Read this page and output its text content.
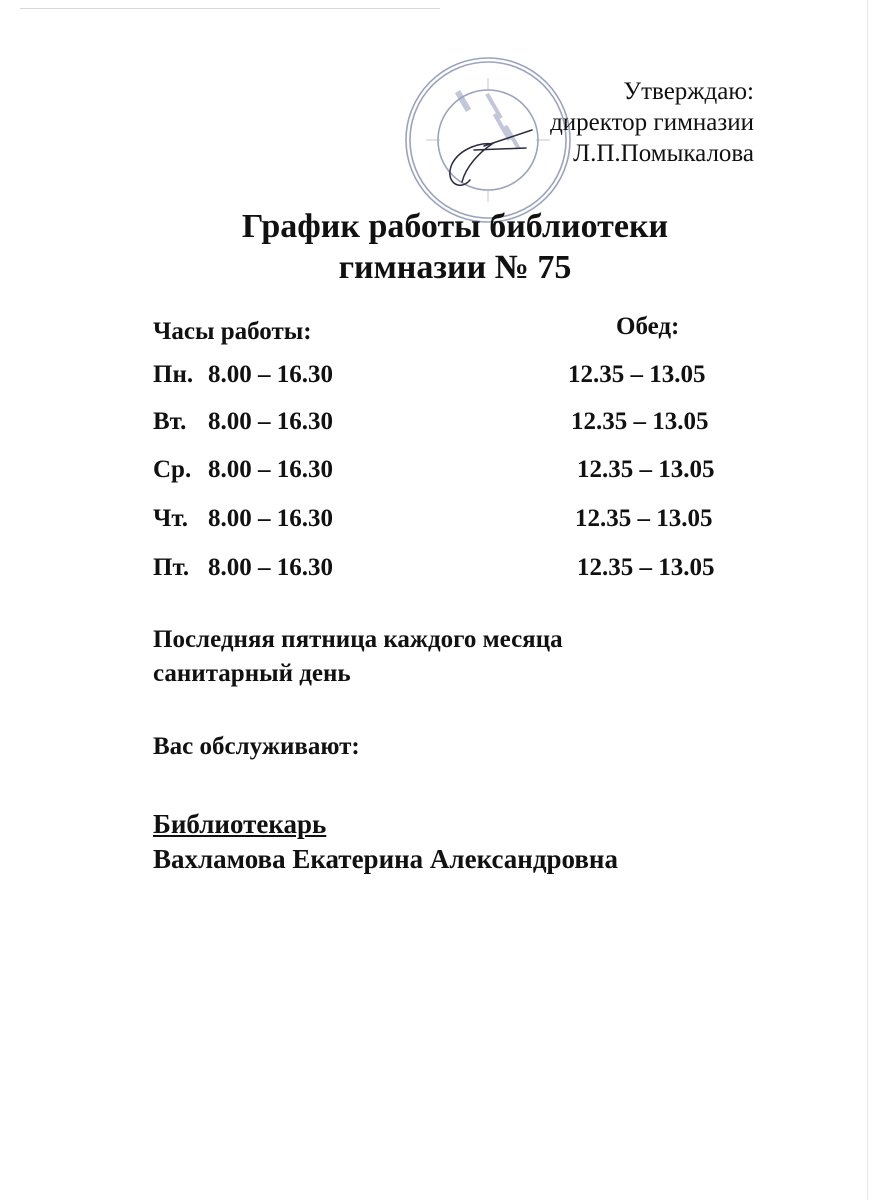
Утверждаю:
директор гимназии
Л.П.Помыкалова
График работы библиотеки
гимназии № 75
Часы работы:	Обед:
Пн. 8.00 – 16.30	12.35 – 13.05
Вт. 8.00 – 16.30	12.35 – 13.05
Ср. 8.00 – 16.30	12.35 – 13.05
Чт. 8.00 – 16.30	12.35 – 13.05
Пт. 8.00 – 16.30	12.35 – 13.05
Последняя пятница каждого месяца
санитарный день
Вас обслуживают:
Библиотекарь
Вахламова Екатерина Александровна
